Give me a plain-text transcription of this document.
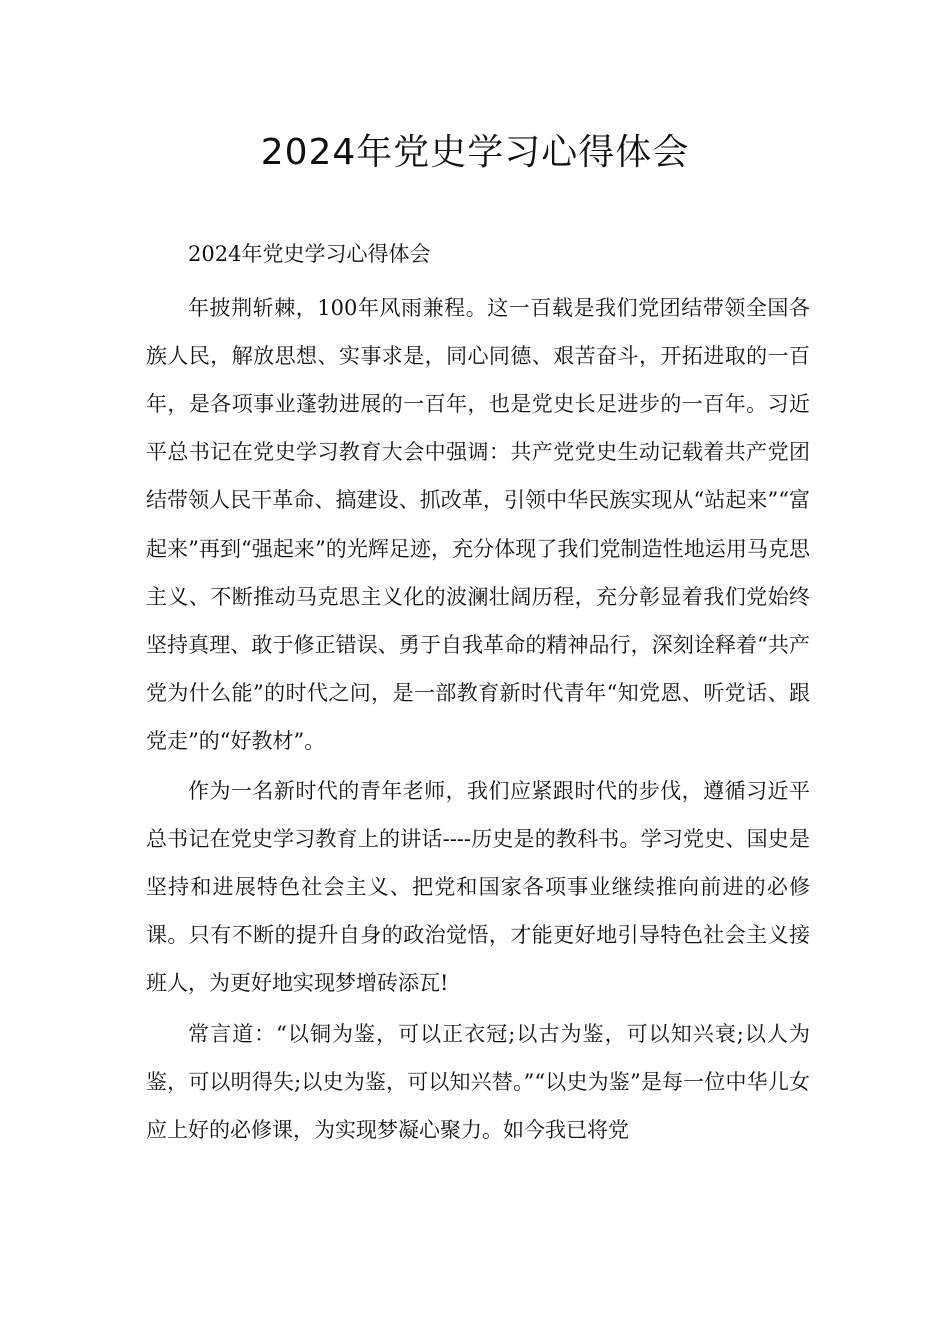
2024年党史学习心得体会

2024年党史学习心得体会

年披荆斩棘，100年风雨兼程。这一百载是我们党团结带领全国各族人民，解放思想、实事求是，同心同德、艰苦奋斗，开拓进取的一百年，是各项事业蓬勃进展的一百年，也是党史长足进步的一百年。习近平总书记在党史学习教育大会中强调：共产党党史生动记载着共产党团结带领人民干革命、搞建设、抓改革，引领中华民族实现从“站起来”“富起来”再到“强起来”的光辉足迹，充分体现了我们党制造性地运用马克思主义、不断推动马克思主义化的波澜壮阔历程，充分彰显着我们党始终坚持真理、敢于修正错误、勇于自我革命的精神品行，深刻诠释着“共产党为什么能”的时代之问，是一部教育新时代青年“知党恩、听党话、跟党走”的“好教材”。

作为一名新时代的青年老师，我们应紧跟时代的步伐，遵循习近平总书记在党史学习教育上的讲话----历史是的教科书。学习党史、国史是坚持和进展特色社会主义、把党和国家各项事业继续推向前进的必修课。只有不断的提升自身的政治觉悟，才能更好地引导特色社会主义接班人，为更好地实现梦增砖添瓦!

常言道：“以铜为鉴，可以正衣冠;以古为鉴，可以知兴衰;以人为鉴，可以明得失;以史为鉴，可以知兴替。”“以史为鉴”是每一位中华儿女应上好的必修课，为实现梦凝心聚力。如今我已将党
